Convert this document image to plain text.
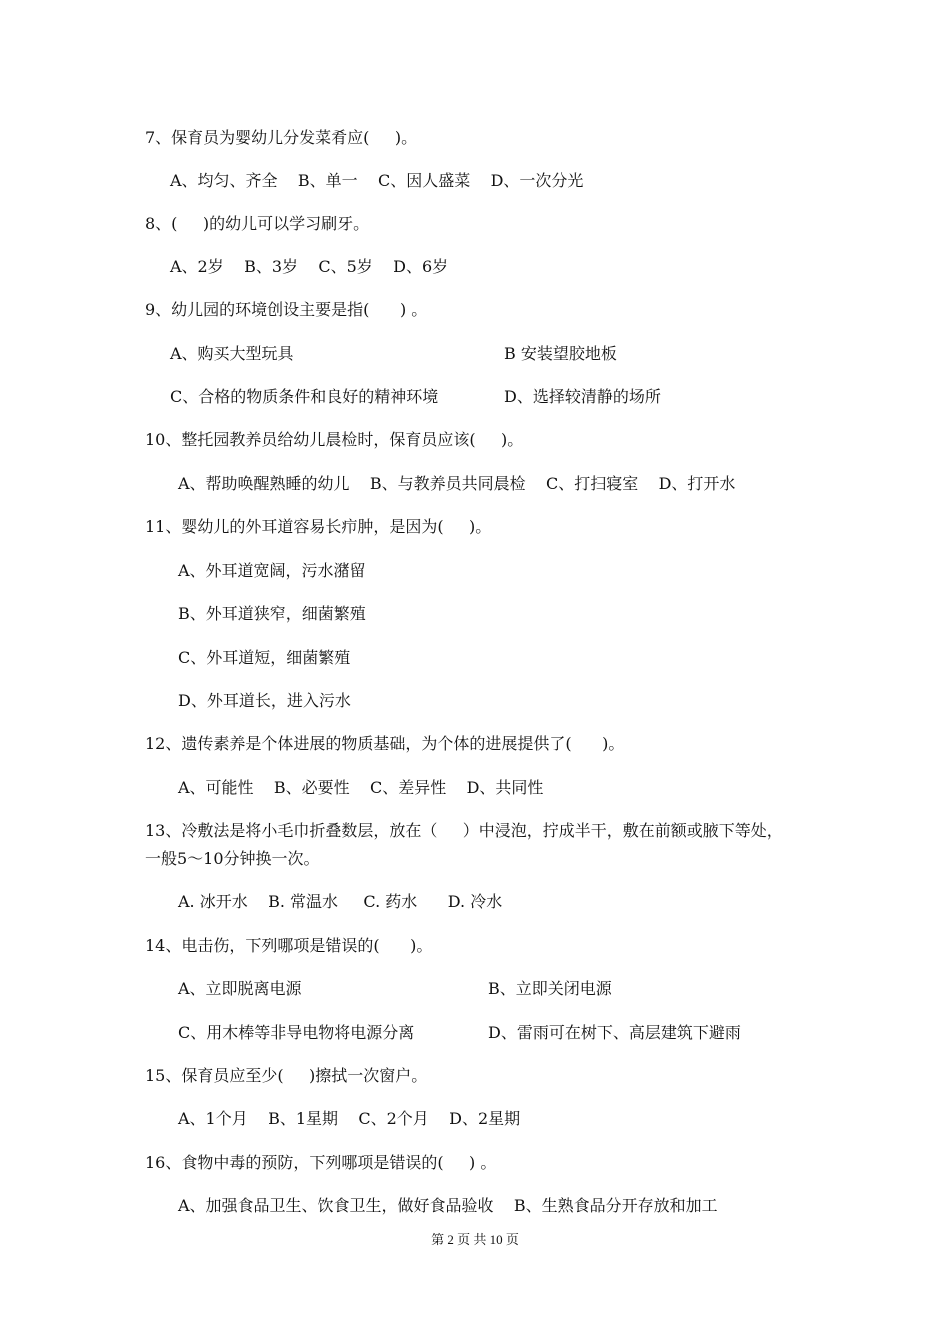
7、保育员为婴幼儿分发菜肴应(     )。
A、均匀、齐全    B、单一    C、因人盛菜    D、一次分光
8、(     )的幼儿可以学习刷牙。
A、2岁    B、3岁    C、5岁    D、6岁
9、幼儿园的环境创设主要是指(      ) 。
A、购买大型玩具	B 安装望胶地板
C、合格的物质条件和良好的精神环境	D、选择较清静的场所
10、整托园教养员给幼儿晨检时，保育员应该(     )。
A、帮助唤醒熟睡的幼儿    B、与教养员共同晨检    C、打扫寝室    D、打开水
11、婴幼儿的外耳道容易长疖肿，是因为(     )。
A、外耳道宽阔，污水潴留
B、外耳道狭窄，细菌繁殖
C、外耳道短，细菌繁殖
D、外耳道长，进入污水
12、遗传素养是个体进展的物质基础，为个体的进展提供了(      )。
A、可能性    B、必要性    C、差异性    D、共同性
13、冷敷法是将小毛巾折叠数层，放在（     ）中浸泡，拧成半干，敷在前额或腋下等处，
一般5～10分钟换一次。
A. 冰开水    B. 常温水     C. 药水      D. 冷水
14、电击伤，下列哪项是错误的(      )。
A、立即脱离电源	B、立即关闭电源
C、用木棒等非导电物将电源分离	D、雷雨可在树下、高层建筑下避雨
15、保育员应至少(     )擦拭一次窗户。
A、1个月    B、1星期    C、2个月    D、2星期
16、食物中毒的预防，下列哪项是错误的(     ) 。
A、加强食品卫生、饮食卫生，做好食品验收    B、生熟食品分开存放和加工
第 2 页 共 10 页
